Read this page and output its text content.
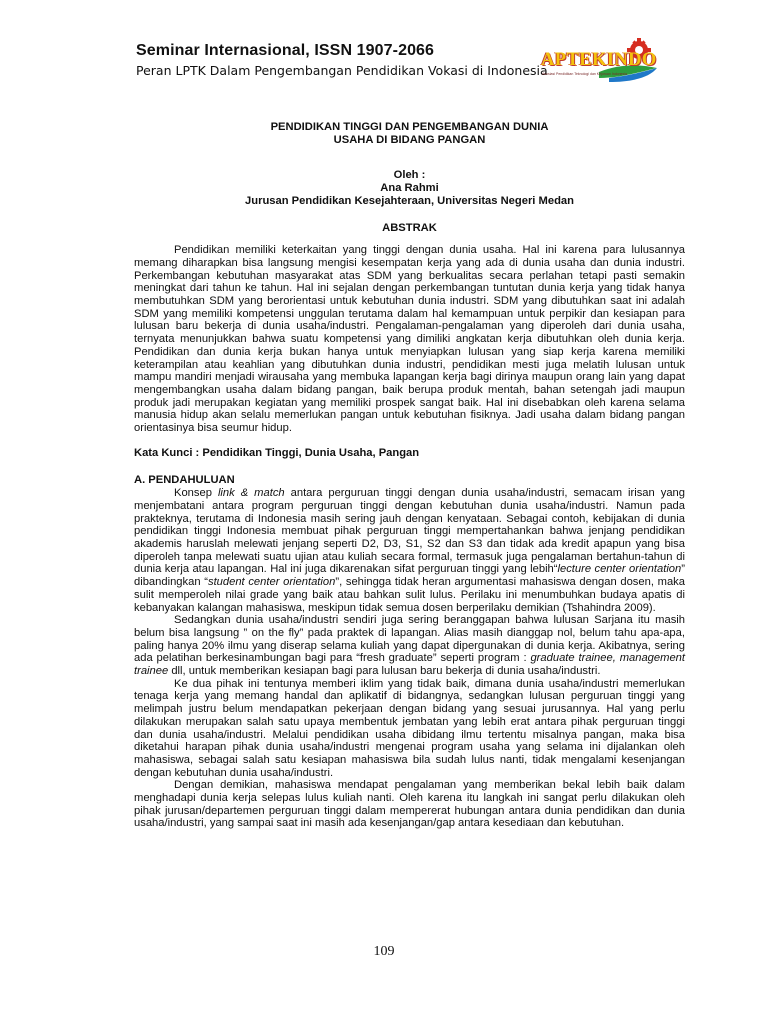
Seminar Internasional, ISSN 1907-2066
Peran LPTK Dalam Pengembangan Pendidikan Vokasi di Indonesia
APTEKINDO
Asosiasi Pendidikan Teknologi dan Kejuruan Indonesia
PENDIDIKAN TINGGI DAN PENGEMBANGAN DUNIA
USAHA DI BIDANG PANGAN
Oleh :
Ana Rahmi
Jurusan Pendidikan Kesejahteraan, Universitas Negeri Medan
ABSTRAK

Pendidikan memiliki keterkaitan yang tinggi dengan dunia usaha. Hal ini karena para lulusannya memang diharapkan bisa langsung mengisi kesempatan kerja yang ada di dunia usaha dan dunia industri. Perkembangan kebutuhan masyarakat atas SDM yang berkualitas secara perlahan tetapi pasti semakin meningkat dari tahun ke tahun. Hal ini sejalan dengan perkembangan tuntutan dunia kerja yang tidak hanya membutuhkan SDM yang berorientasi untuk kebutuhan dunia industri. SDM yang dibutuhkan saat ini adalah SDM yang memiliki kompetensi unggulan terutama dalam hal kemampuan untuk perpikir dan kesiapan para lulusan baru bekerja di dunia usaha/industri. Pengalaman-pengalaman yang diperoleh dari dunia usaha, ternyata menunjukkan bahwa suatu kompetensi yang dimiliki angkatan kerja dibutuhkan oleh dunia kerja. Pendidikan dan dunia kerja bukan hanya untuk menyiapkan lulusan yang siap kerja karena memiliki keterampilan atau keahlian yang dibutuhkan dunia industri, pendidikan mesti juga melatih lulusan untuk mampu mandiri menjadi wirausaha yang membuka lapangan kerja bagi dirinya maupun orang lain yang dapat mengembangkan usaha dalam bidang pangan, baik berupa produk mentah, bahan setengah jadi maupun produk jadi merupakan kegiatan yang memiliki prospek sangat baik. Hal ini disebabkan oleh karena selama manusia hidup akan selalu memerlukan pangan untuk kebutuhan fisiknya. Jadi usaha dalam bidang pangan orientasinya bisa seumur hidup.

Kata Kunci : Pendidikan Tinggi, Dunia Usaha, Pangan
A. PENDAHULUAN

Konsep link & match antara perguruan tinggi dengan dunia usaha/industri, semacam irisan yang menjembatani antara program perguruan tinggi dengan kebutuhan dunia usaha/industri. Namun pada prakteknya, terutama di Indonesia masih sering jauh dengan kenyataan. Sebagai contoh, kebijakan di dunia pendidikan tinggi Indonesia membuat pihak perguruan tinggi mempertahankan bahwa jenjang pendidikan akademis haruslah melewati jenjang seperti D2, D3, S1, S2 dan S3 dan tidak ada kredit apapun yang bisa diperoleh tanpa melewati suatu ujian atau kuliah secara formal, termasuk juga pengalaman bertahun-tahun di dunia kerja atau lapangan. Hal ini juga dikarenakan sifat perguruan tinggi yang lebih“lecture center orientation” dibandingkan “student center orientation”, sehingga tidak heran argumentasi mahasiswa dengan dosen, maka sulit memperoleh nilai grade yang baik atau bahkan sulit lulus. Perilaku ini menumbuhkan budaya apatis di kebanyakan kalangan mahasiswa, meskipun tidak semua dosen berperilaku demikian (Tshahindra 2009).

Sedangkan dunia usaha/industri sendiri juga sering beranggapan bahwa lulusan Sarjana itu masih belum bisa langsung ” on the fly” pada praktek di lapangan. Alias masih dianggap nol, belum tahu apa-apa, paling hanya 20% ilmu yang diserap selama kuliah yang dapat dipergunakan di dunia kerja. Akibatnya, sering ada pelatihan berkesinambungan bagi para “fresh graduate” seperti program : graduate trainee, management trainee dll, untuk memberikan kesiapan bagi para lulusan baru bekerja di dunia usaha/industri.

Ke dua pihak ini tentunya memberi iklim yang tidak baik, dimana dunia usaha/industri memerlukan tenaga kerja yang memang handal dan aplikatif di bidangnya, sedangkan lulusan perguruan tinggi yang melimpah justru belum mendapatkan pekerjaan dengan bidang yang sesuai jurusannya. Hal yang perlu dilakukan merupakan salah satu upaya membentuk jembatan yang lebih erat antara pihak perguruan tinggi dan dunia usaha/industri. Melalui pendidikan usaha dibidang ilmu tertentu misalnya pangan, maka bisa diketahui harapan pihak dunia usaha/industri mengenai program usaha yang selama ini dijalankan oleh mahasiswa, sebagai salah satu kesiapan mahasiswa bila sudah lulus nanti, tidak mengalami kesenjangan dengan kebutuhan dunia usaha/industri.

Dengan demikian, mahasiswa mendapat pengalaman yang memberikan bekal lebih baik dalam menghadapi dunia kerja selepas lulus kuliah nanti. Oleh karena itu langkah ini sangat perlu dilakukan oleh pihak jurusan/departemen perguruan tinggi dalam mempererat hubungan antara dunia pendidikan dan dunia usaha/industri, yang sampai saat ini masih ada kesenjangan/gap antara kesediaan dan kebutuhan.

109
